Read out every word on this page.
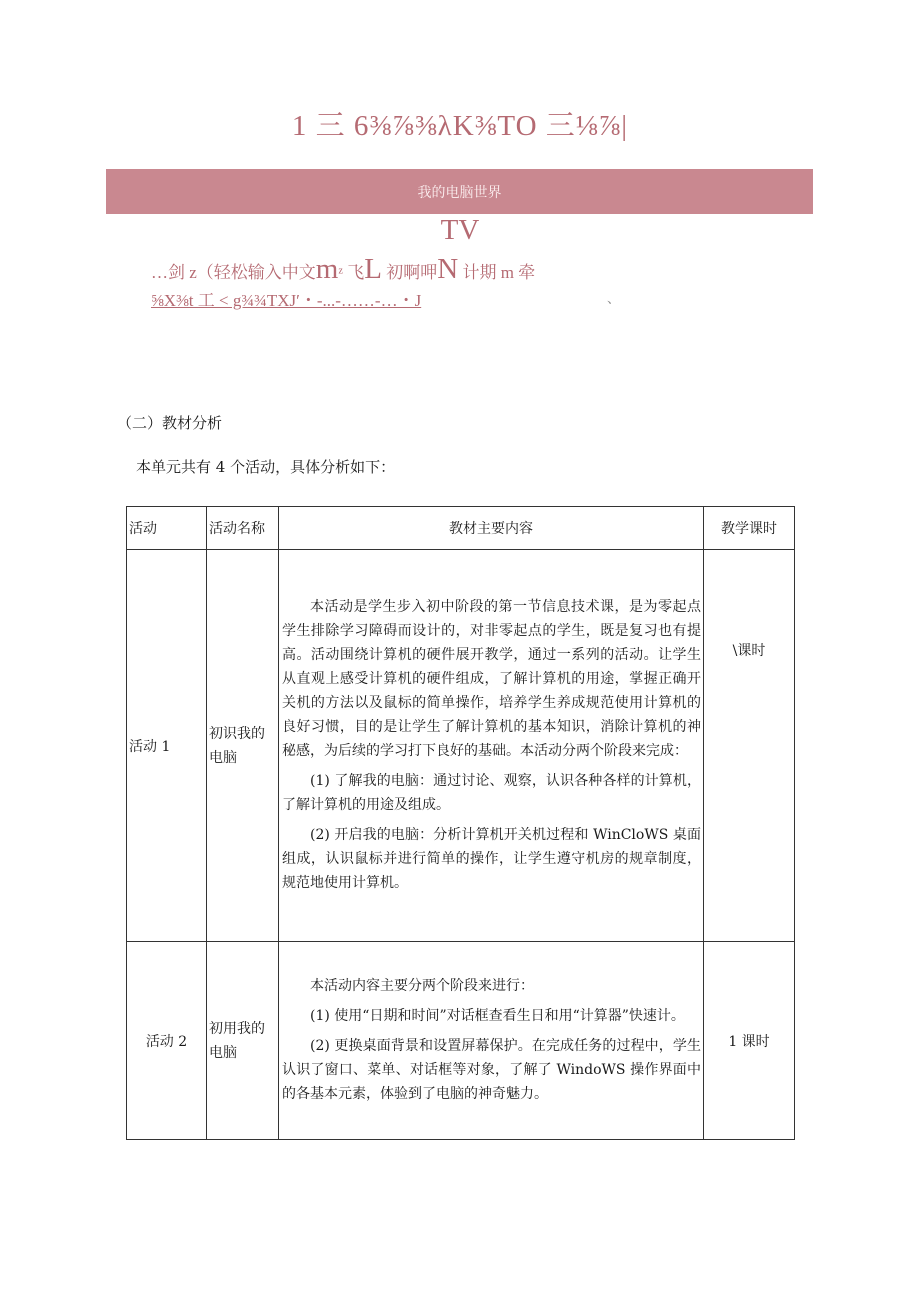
1 三 6⅜⅞⅜λK⅜TO 三⅛⅞|
我的电脑世界
TV
…剑 ᴢ（轻松输入中文mᶻ 飞L 初啊呷N 计期 m 牵
⅝X⅜t 工 < g¾¾TXJ′・-...‐……‐…・J	、
（二）教材分析
本单元共有 4 个活动，具体分析如下：
活动	活动名称	教材主要内容	教学课时
活动 1	初识我的电脑	本活动是学生步入初中阶段的第一节信息技术课，是为零起点学生排除学习障碍而设计的，对非零起点的学生，既是复习也有提高。活动围绕计算机的硬件展开教学，通过一系列的活动。让学生从直观上感受计算机的硬件组成，了解计算机的用途，掌握正确开关机的方法以及鼠标的简单操作，培养学生养成规范使用计算机的良好习惯，目的是让学生了解计算机的基本知识，消除计算机的神秘感，为后续的学习打下良好的基础。本活动分两个阶段来完成：

(1) 了解我的电脑：通过讨论、观察，认识各种各样的计算机，了解计算机的用途及组成。

(2) 开启我的电脑：分析计算机开关机过程和 WinCloWS 桌面组成，认识鼠标并进行简单的操作，让学生遵守机房的规章制度，规范地使用计算机。	\课时
活动 2	初用我的电脑	本活动内容主要分两个阶段来进行：

(1) 使用“日期和时间”对话框查看生日和用“计算器”快速计。

(2) 更换桌面背景和设置屏幕保护。在完成任务的过程中，学生认识了窗口、菜单、对话框等对象，了解了 WindoWS 操作界面中的各基本元素，体验到了电脑的神奇魅力。	1 课时
